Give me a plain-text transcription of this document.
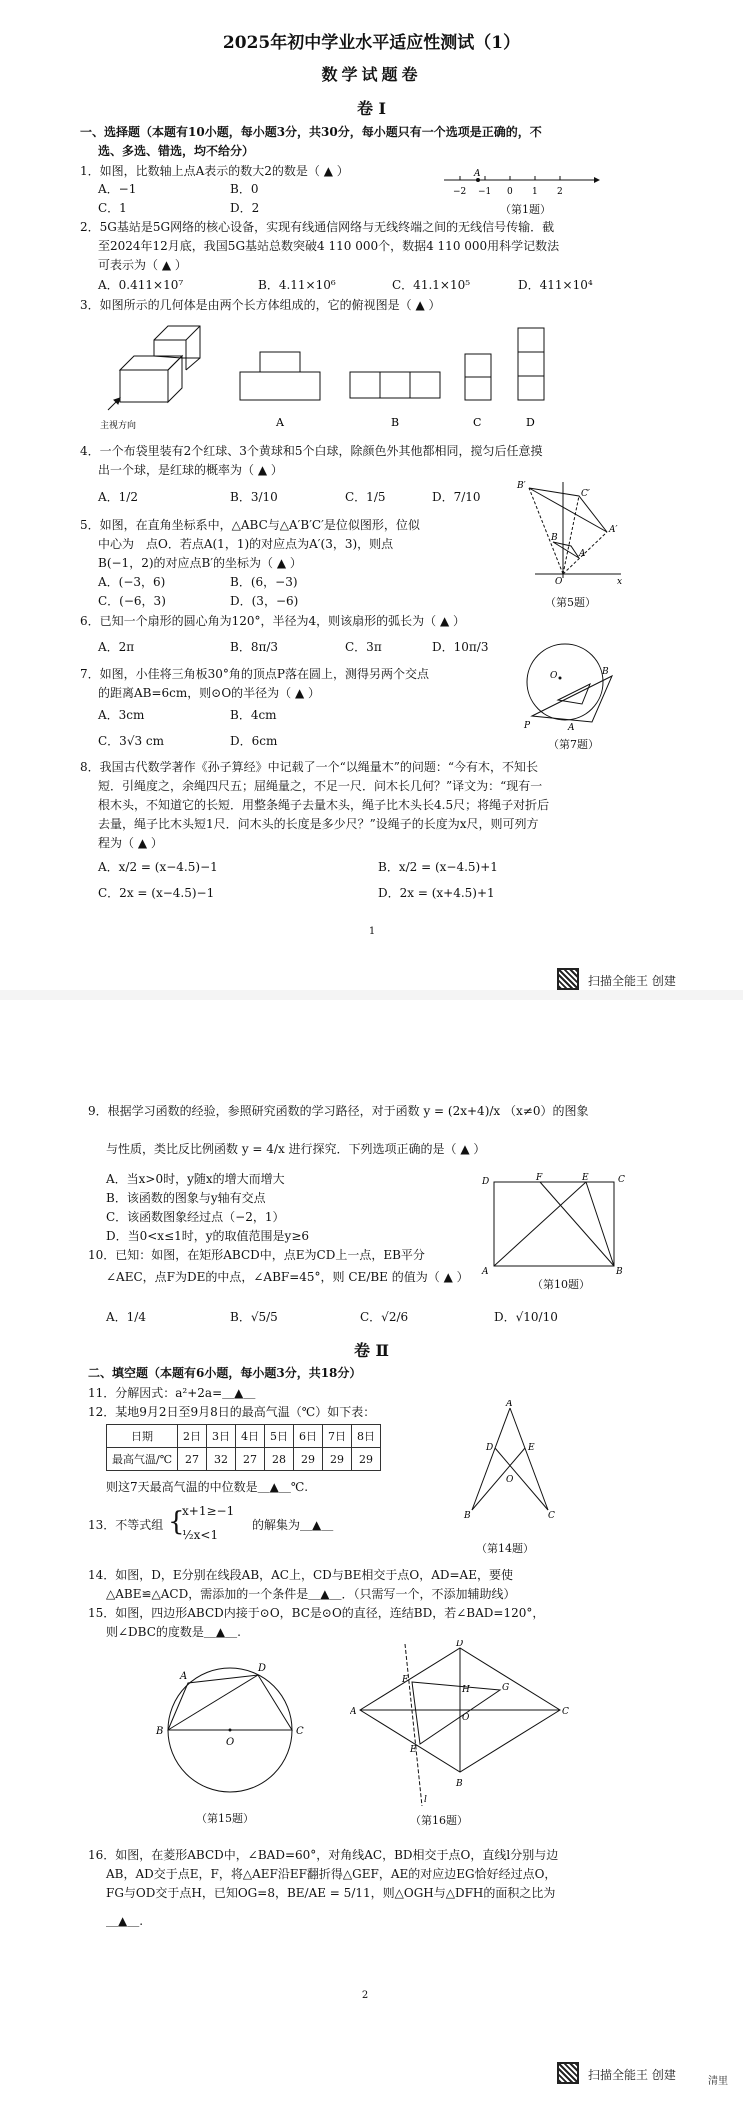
2025年初中学业水平适应性测试（1）
数学试题卷
卷 Ⅰ
一、选择题（本题有10小题，每小题3分，共30分，每小题只有一个选项是正确的，不
选、多选、错选，均不给分）
1．如图，比数轴上点A表示的数大2的数是（ ▲ ）
A．−1	B．0
C．1	D．2
A
−2 −1 0 1 2
（第1题）
2．5G基站是5G网络的核心设备，实现有线通信网络与无线终端之间的无线信号传输．截
至2024年12月底，我国5G基站总数突破4 110 000个，数据4 110 000用科学记数法
可表示为（ ▲ ）
A．0.411×10⁷	B．4.11×10⁶	C．41.1×10⁵	D．411×10⁴
3．如图所示的几何体是由两个长方体组成的，它的俯视图是（ ▲ ）
主视方向	A	B	C	D
4．一个布袋里装有2个红球、3个黄球和5个白球，除颜色外其他都相同，搅匀后任意摸
出一个球，是红球的概率为（ ▲ ）
A．1/2	B．3/10	C．1/5	D．7/10
5．如图，在直角坐标系中，△ABC与△A′B′C′是位似图形，位似
中心为　点O．若点A(1，1)的对应点为A′(3，3)，则点
B(−1，2)的对应点B′的坐标为（ ▲ ）
A．(−3，6)	B．(6，−3)
C．(−6，3)	D．(3，−6)
B′
C′
A′
B
A
O	x
（第5题）
6．已知一个扇形的圆心角为120°，半径为4，则该扇形的弧长为（ ▲ ）
A．2π	B．8π/3	C．3π	D．10π/3
7．如图，小佳将三角板30°角的顶点P落在圆上，测得另两个交点
的距离AB=6cm，则⊙O的半径为（ ▲ ）
A．3cm	B．4cm
C．3√3 cm	D．6cm
O
P	A
B
（第7题）
8．我国古代数学著作《孙子算经》中记载了一个“以绳量木”的问题：“今有木，不知长
短．引绳度之，余绳四尺五；屈绳量之，不足一尺．问木长几何？”译文为：“现有一
根木头，不知道它的长短．用整条绳子去量木头，绳子比木头长4.5尺；将绳子对折后
去量，绳子比木头短1尺．问木头的长度是多少尺？”设绳子的长度为x尺，则可列方
程为（ ▲ ）
A．x/2 = (x−4.5)−1	B．x/2 = (x−4.5)+1
C．2x = (x−4.5)−1	D．2x = (x+4.5)+1
1
扫描全能王 创建
9．根据学习函数的经验，参照研究函数的学习路径，对于函数 y = (2x+4)/x （x≠0）的图象
与性质，类比反比例函数 y = 4/x 进行探究．下列选项正确的是（ ▲ ）
A．当x>0时，y随x的增大而增大
B．该函数的图象与y轴有交点
C．该函数图象经过点（−2，1）
D．当0<x≤1时，y的取值范围是y≥6
10．已知：如图，在矩形ABCD中，点E为CD上一点，EB平分
∠AEC，点F为DE的中点，∠ABF=45°，则 CE/BE 的值为（ ▲ ）
A．1/4	B．√5/5	C．√2/6	D．√10/10
D	F	E	C
A	B
（第10题）
卷 Ⅱ
二、填空题（本题有6小题，每小题3分，共18分）
11．分解因式：a²+2a=＿▲＿
12．某地9月2日至9月8日的最高气温（℃）如下表：
日期	2日	3日	4日	5日	6日	7日	8日
最高气温/℃	27	32	27	28	29	29	29
则这7天最高气温的中位数是＿▲＿℃.
13．不等式组 {
x+1≥−1
½x<1
的解集为＿▲＿
A
D	E
O
B	C
（第14题）
14．如图，D，E分别在线段AB，AC上，CD与BE相交于点O，AD=AE，要使
△ABE≌△ACD，需添加的一个条件是＿▲＿．（只需写一个，不添加辅助线）
15．如图，四边形ABCD内接于⊙O，BC是⊙O的直径，连结BD，若∠BAD=120°，
则∠DBC的度数是＿▲＿.
B
A
D
C
O
（第15题）
A
D
C
B
F
E
G
H
O
l
（第16题）
16．如图，在菱形ABCD中，∠BAD=60°，对角线AC，BD相交于点O，直线l分别与边
AB，AD交于点E，F，将△AEF沿EF翻折得△GEF，AE的对应边EG恰好经过点O，
FG与OD交于点H，已知OG=8，BE/AE = 5/11，则△OGH与△DFH的面积之比为
＿▲＿.
2
扫描全能王 创建	清里
